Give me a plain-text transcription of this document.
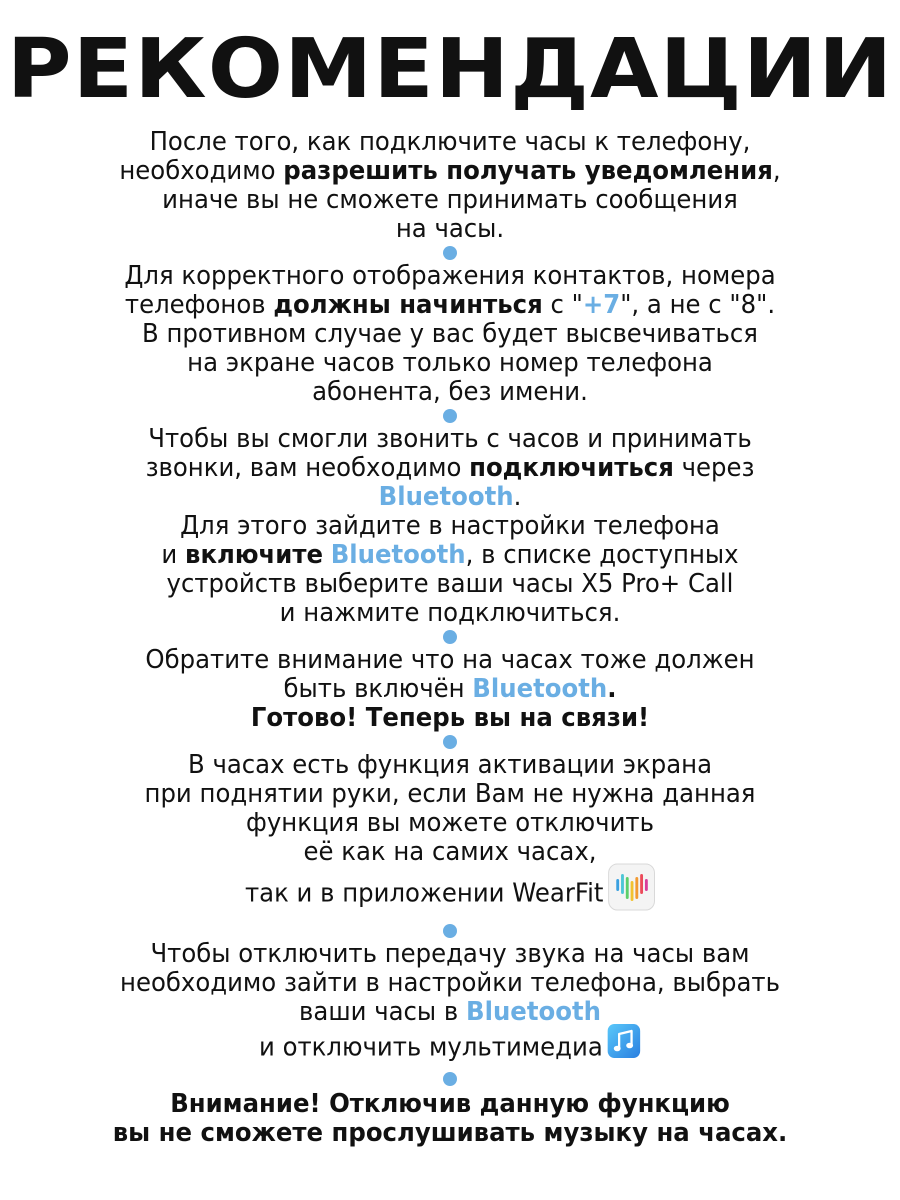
РЕКОМЕНДАЦИИ
После того, как подключите часы к телефону,
необходимо разрешить получать уведомления,
иначе вы не сможете принимать сообщения
на часы.
Для корректного отображения контактов, номера
телефонов должны начинться с "+7", а не с "8".
В противном случае у вас будет высвечиваться
на экране часов только номер телефона
абонента, без имени.
Чтобы вы смогли звонить с часов и принимать
звонки, вам необходимо подключиться через
Bluetooth.
Для этого зайдите в настройки телефона
и включите Bluetooth, в списке доступных
устройств выберите ваши часы X5 Pro+ Call
и нажмите подключиться.
Обратите внимание что на часах тоже должен
быть включён Bluetooth.
Готово! Теперь вы на связи!
В часах есть функция активации экрана
при поднятии руки, если Вам не нужна данная
функция вы можете отключить
её как на самих часах,
так и в приложении WearFit
Чтобы отключить передачу звука на часы вам
необходимо зайти в настройки телефона, выбрать
ваши часы в Bluetooth
и отключить мультимедиа
Внимание! Отключив данную функцию
вы не сможете прослушивать музыку на часах.
